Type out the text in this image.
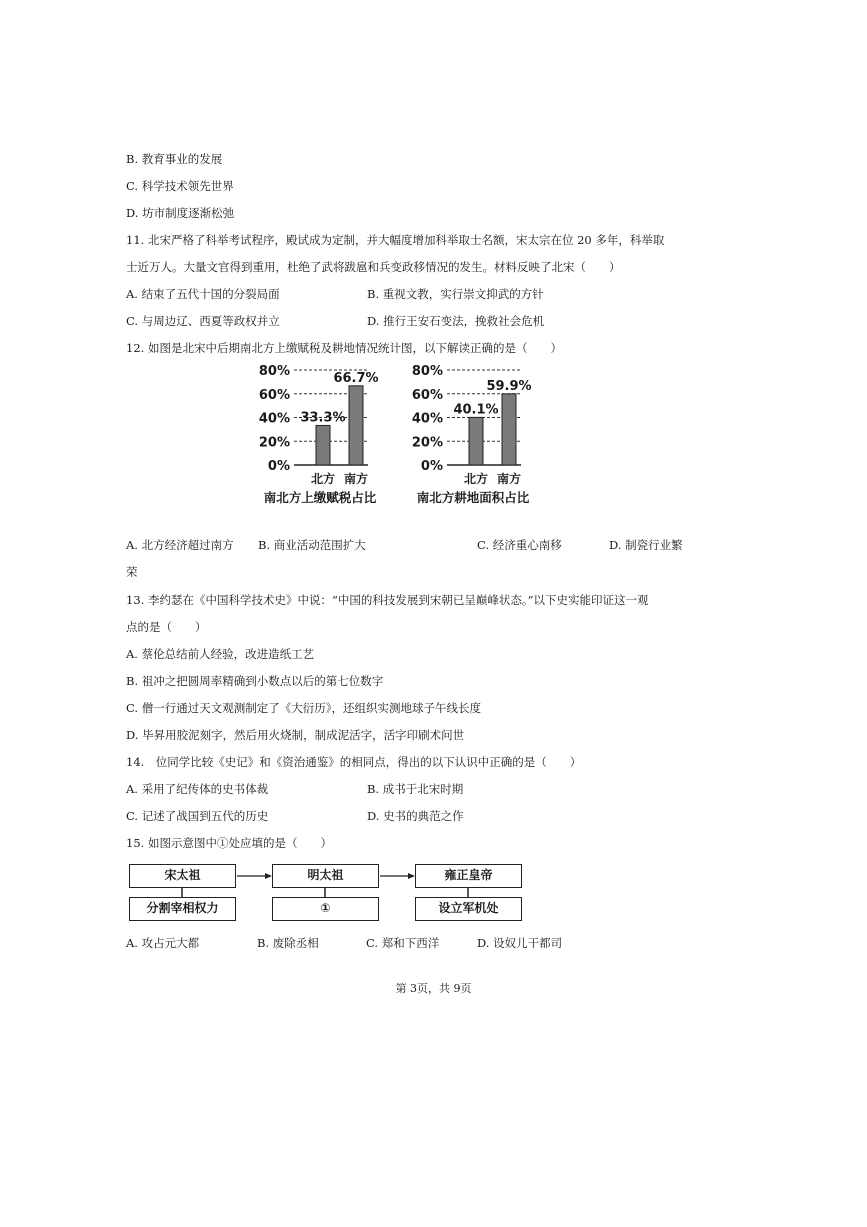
B. 教育事业的发展
C. 科学技术领先世界
D. 坊市制度逐渐松弛
11. 北宋严格了科举考试程序，殿试成为定制，并大幅度增加科举取士名额，宋太宗在位 20 多年，科举取
士近万人。大量文官得到重用，杜绝了武将跋扈和兵变政移情况的发生。材料反映了北宋（　　）
A. 结束了五代十国的分裂局面	B. 重视文教，实行崇文抑武的方针
C. 与周边辽、西夏等政权并立	D. 推行王安石变法，挽救社会危机
12. 如图是北宋中后期南北方上缴赋税及耕地情况统计图，以下解读正确的是（　　）
0%
20%
40%
60%
80%
33.3%
北方
66.7%
南方
南北方上缴赋税占比
0%
20%
40%
60%
80%
40.1%
北方
59.9%
南方
南北方耕地面积占比
A. 北方经济超过南方 B. 商业活动范围扩大	C. 经济重心南移	D. 制瓷行业繁
荣
13. 李约瑟在《中国科学技术史》中说：“中国的科技发展到宋朝已呈巅峰状态。”以下史实能印证这一观
点的是（　　）
A. 蔡伦总结前人经验，改进造纸工艺
B. 祖冲之把圆周率精确到小数点以后的第七位数字
C. 僧一行通过天文观测制定了《大衍历》，还组织实测地球子午线长度
D. 毕昇用胶泥刻字，然后用火烧制，制成泥活字，活字印刷术问世
14.　位同学比较《史记》和《资治通鉴》的相同点，得出的以下认识中正确的是（　　）
A. 采用了纪传体的史书体裁	B. 成书于北宋时期
C. 记述了战国到五代的历史	D. 史书的典范之作
15. 如图示意图中①处应填的是（　　）
宋太祖
分割宰相权力
明太祖
①
雍正皇帝
设立军机处
A. 攻占元大都	B. 废除丞相	C. 郑和下西洋	D. 设奴儿干都司
第 3页，共 9页
